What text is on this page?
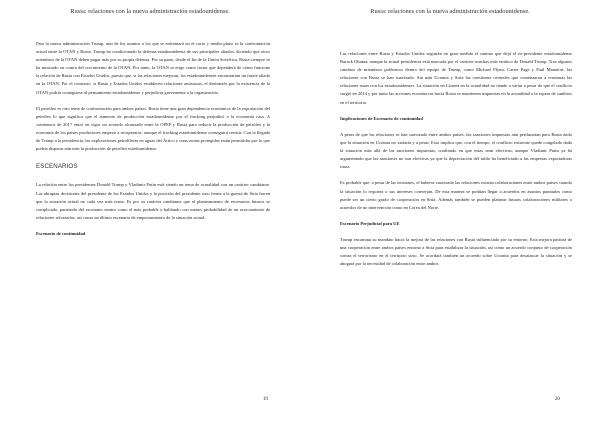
Rusia: relaciones con la nueva administración estadounidense.

Para la nueva administración Trump, uno de los asuntos a los que se enfrentará en el corto y medio plazo es la confrontación actual entre la OTAN y Rusia. Trump ha condicionado la defensa estadounidense de sus principales aliados, diciendo que otros miembros de la OTAN deben pagar más por su propia defensa. Por su parte, desde el fin de la Unión Soviética, Rusia siempre se ha mostrado en contra del crecimiento de la OTAN. Por tanto, la OTAN se erige como factor que dependerá de cómo funcione la relación de Rusia con Estados Unidos, puesto que, si las relaciones mejoran, los estadounidenses encontrarían un fuerte aliado en la OTAN. Por el contrario, si Rusia y Estados Unidos establecen relaciones amistosas, el desinterés por la existencia de la OTAN podría contagiarse al pensamiento estadounidense y perjudicar gravemente a la organización.

El petróleo es otro tema de confrontación para ambos países. Rusia tiene una gran dependencia económica de la exportación del petróleo lo que significa que el aumento de producción estadounidense por el fracking perjudicó a la economía rusa. A comienzos de 2017 entró en vigor un acuerdo alcanzado entre la OPEP y Rusia para reducir la producción de petróleo y la economía de los países productores empezó a recuperarse, aunque el fracking estadounidense conseguirá resistir. Con la llegada de Trump a la presidencia, las explotaciones petrolíferas en aguas del Ártico y otras zonas protegidas están permitidas por lo que podría disparar aún más la producción de petróleo estadounidense.

ESCENARIOS

La relación entre los presidentes Donald Trump y Vladimir Putin está siendo un tema de actualidad con un carácter cambiante. Las abruptas decisiones del presidente de los Estados Unidos y la posición del presidente ruso frente a la guerra de Siria hacen que la situación actual no cada vez más tensa. Es por su carácter cambiante que el planteamiento de escenarios futuros se complicado, partiendo del escenario neutro como el más probable y hablando con menos probabilidad de un acercamiento de relaciones reforzadas, así como un último escenario de empeoramiento de la situación actual.

Escenario de continuidad
19
Rusia: relaciones con la nueva administración estadounidense.

Las relaciones entre Rusia y Estados Unidos seguirán en gran medida el camino que dejó el ex-presidente estadounidense Barack Obama, aunque la actual presidencia está marcada por el carácter muchas más errático de Donald Trump. Tras algunos cambios de miembros polémicos dentro del equipo de Trump, como Michael Flynn, Carter Page y Paul Manafort, las relaciones con Rusia se han suavizado. Sin más Ucrania y Siria las cuestiones centrales que comenzaron a tensionar las relaciones rusas con los estadounidenses. La situación en Crimea en la actualidad no tiende a variar a pesar de que el conflicto surgió en 2014 y por tanto las acciones económicas hacia Rusia se mantienen impuestas en la actualidad a la espera de cambios en el territorio.

Implicaciones de Escenario de continuidad

A pesar de que las relaciones se han suavizado entre ambos países, las sanciones impuestas aún perdurarían para Rusia dado que la situación en Ucrania no variaría y a pesar. Esto implica que, con el tiempo, el conflicto existente quede congelado dada la situación más allá de las sanciones impuestas, confiando en que estas sean efectivas, aunque Vladimir Putin ya ha argumentado que las sanciones no son efectivas ya que la depreciación del rublo ha beneficiado a las empresas exportadoras rusas.

Es probable que, a pesar de las tensiones, el haberse suavizado las relaciones existan colaboraciones entre ambos países cuando la situación lo requiera o sus intereses converjan. De esta manera se podrían llegar a acuerdos en asuntos puntuales como puede ser un cierto grado de cooperación en Siria. Además también se pueden plantear futuras colaboraciones militares o acuerdos de no intervención como en Corea del Norte.

Escenario Perjudicial para UE

Trump encamina su mandato hacia la mejora de las relaciones con Rusia influenciado por su entorno. Esta mejora partiría de una cooperación entre ambos países entorno a Siria para estabilizar la situación, así como un acuerdo conjunto de cooperación contra el terrorismo en el territorio sirio. Se acordará también un acuerdo sobre Ucrania para desatascar la situación y se abogará por la necesidad de colaboración entre ambos

20
